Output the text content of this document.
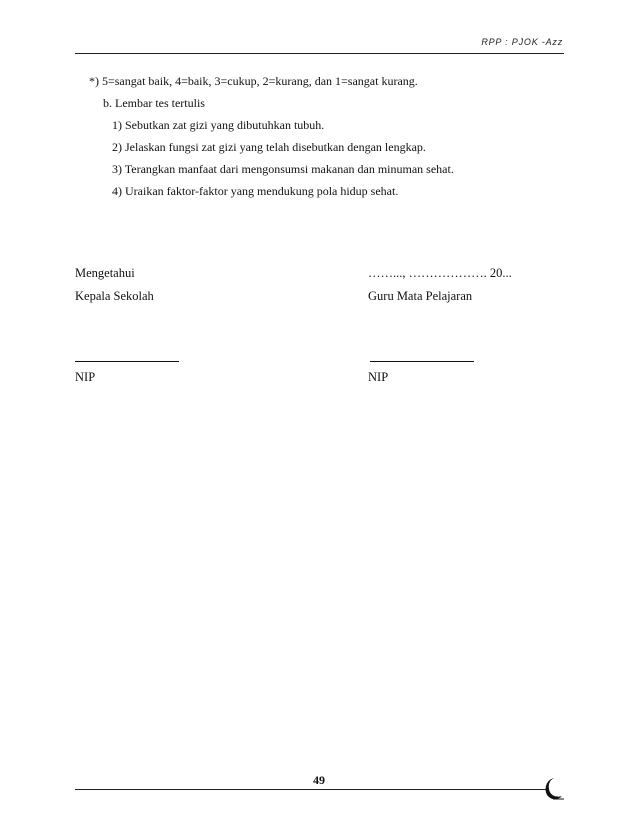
RPP : PJOK -Azz
*) 5=sangat baik, 4=baik, 3=cukup, 2=kurang, dan 1=sangat kurang.
b. Lembar tes tertulis
1) Sebutkan zat gizi yang dibutuhkan tubuh.
2) Jelaskan fungsi zat gizi yang telah disebutkan dengan lengkap.
3) Terangkan manfaat dari mengonsumsi makanan dan minuman sehat.
4) Uraikan faktor-faktor yang mendukung pola hidup sehat.
Mengetahui
Kepala Sekolah
NIP
……..., ………………. 20...
Guru Mata Pelajaran
NIP
49
